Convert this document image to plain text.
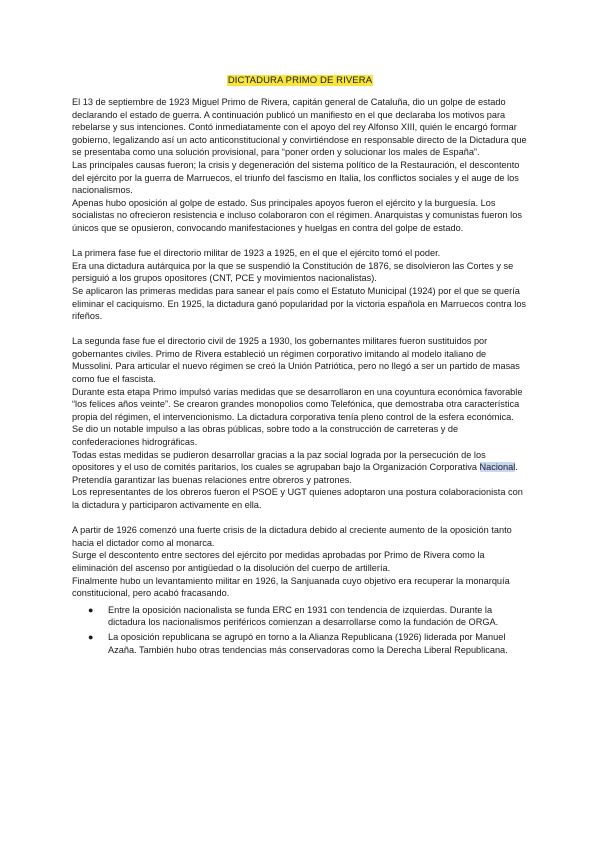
DICTADURA PRIMO DE RIVERA

El 13 de septiembre de 1923 Miguel Primo de Rivera, capitán general de Cataluña, dio un golpe de estado declarando el estado de guerra. A continuación publicó un manifiesto en el que declaraba los motivos para rebelarse y sus intenciones. Contó inmediatamente con el apoyo del rey Alfonso XIII, quién le encargó formar gobierno, legalizando así un acto anticonstitucional y convirtiéndose en responsable directo de la Dictadura que se presentaba como una solución provisional, para “poner orden y solucionar los males de España”.

Las principales causas fueron; la crisis y degeneración del sistema político de la Restauración, el descontento del ejército por la guerra de Marruecos, el triunfo del fascismo en Italia, los conflictos sociales y el auge de los nacionalismos.

Apenas hubo oposición al golpe de estado. Sus principales apoyos fueron el ejército y la burguesía. Los socialistas no ofrecieron resistencia e incluso colaboraron con el régimen. Anarquistas y comunistas fueron los únicos que se opusieron, convocando manifestaciones y huelgas en contra del golpe de estado.

La primera fase fue el directorio militar de 1923 a 1925, en el que el ejército tomó el poder.

Era una dictadura autárquica por la que se suspendió la Constitución de 1876, se disolvieron las Cortes y se persiguió a los grupos opositores (CNT, PCE y movimientos nacionalistas).

Se aplicaron las primeras medidas para sanear el país como el Estatuto Municipal (1924) por el que se quería eliminar el caciquismo. En 1925, la dictadura ganó popularidad por la victoria española en Marruecos contra los rifeños.

La segunda fase fue el directorio civil de 1925 a 1930, los gobernantes militares fueron sustituidos por gobernantes civiles. Primo de Rivera estableció un régimen corporativo imitando al modelo italiano de Mussolini. Para articular el nuevo régimen se creó la Unión Patriótica, pero no llegó a ser un partido de masas como fue el fascista.

Durante esta etapa Primo impulsó varias medidas que se desarrollaron en una coyuntura económica favorable “los felices años veinte”. Se crearon grandes monopolios como Telefónica, que demostraba otra característica propia del régimen, el intervencionismo. La dictadura corporativa tenía pleno control de la esfera económica.

Se dio un notable impulso a las obras públicas, sobre todo a la construcción de carreteras y de confederaciones hidrográficas.

Todas estas medidas se pudieron desarrollar gracias a la paz social lograda por la persecución de los opositores y el uso de comités paritarios, los cuales se agrupaban bajo la Organización Corporativa Nacional. Pretendía garantizar las buenas relaciones entre obreros y patrones.

Los representantes de los obreros fueron el PSOE y UGT quienes adoptaron una postura colaboracionista con la dictadura y participaron activamente en ella.

A partir de 1926 comenzó una fuerte crisis de la dictadura debido al creciente aumento de la oposición tanto hacia el dictador como al monarca.

Surge el descontento entre sectores del ejército por medidas aprobadas por Primo de Rivera como la eliminación del ascenso por antigüedad o la disolución del cuerpo de artillería.

Finalmente hubo un levantamiento militar en 1926, la Sanjuanada cuyo objetivo era recuperar la monarquía constitucional, pero acabó fracasando.

● Entre la oposición nacionalista se funda ERC en 1931 con tendencia de izquierdas. Durante la dictadura los nacionalismos periféricos comienzan a desarrollarse como la fundación de ORGA.
● La oposición republicana se agrupó en torno a la Alianza Republicana (1926) liderada por Manuel Azaña. También hubo otras tendencias más conservadoras como la Derecha Liberal Republicana.
